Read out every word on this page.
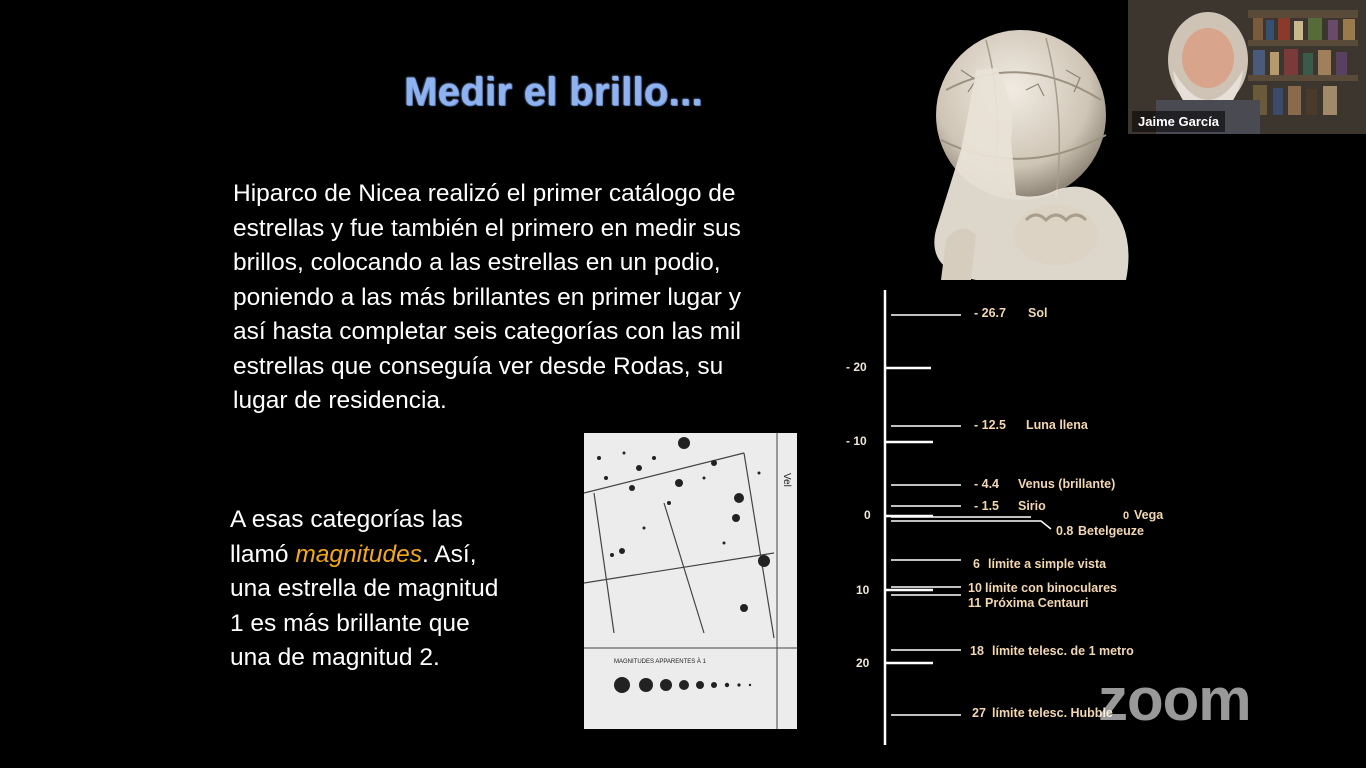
Medir el brillo...
Hiparco de Nicea realizó el primer catálogo de
estrellas y fue también el primero en medir sus
brillos, colocando a las estrellas en un podio,
poniendo a las más brillantes en primer lugar y
así hasta completar seis categorías con las mil
estrellas que conseguía ver desde Rodas, su
lugar de residencia.
A esas categorías las
llamó magnitudes. Así,
una estrella de magnitud
1 es más brillante que
una de magnitud 2.
Jaime García
MAGNITUDES APPARENTES À 1
Vel
- 20
- 10
0
10
20
- 26.7 Sol
- 12.5 Luna llena
- 4.4 Venus (brillante)
- 1.5 Sirio
0 Vega
0.8 Betelgeuze
6 límite a simple vista
10 límite con binoculares
11 Próxima Centauri
18 límite telesc. de 1 metro
27 límite telesc. Hubble
zoom
